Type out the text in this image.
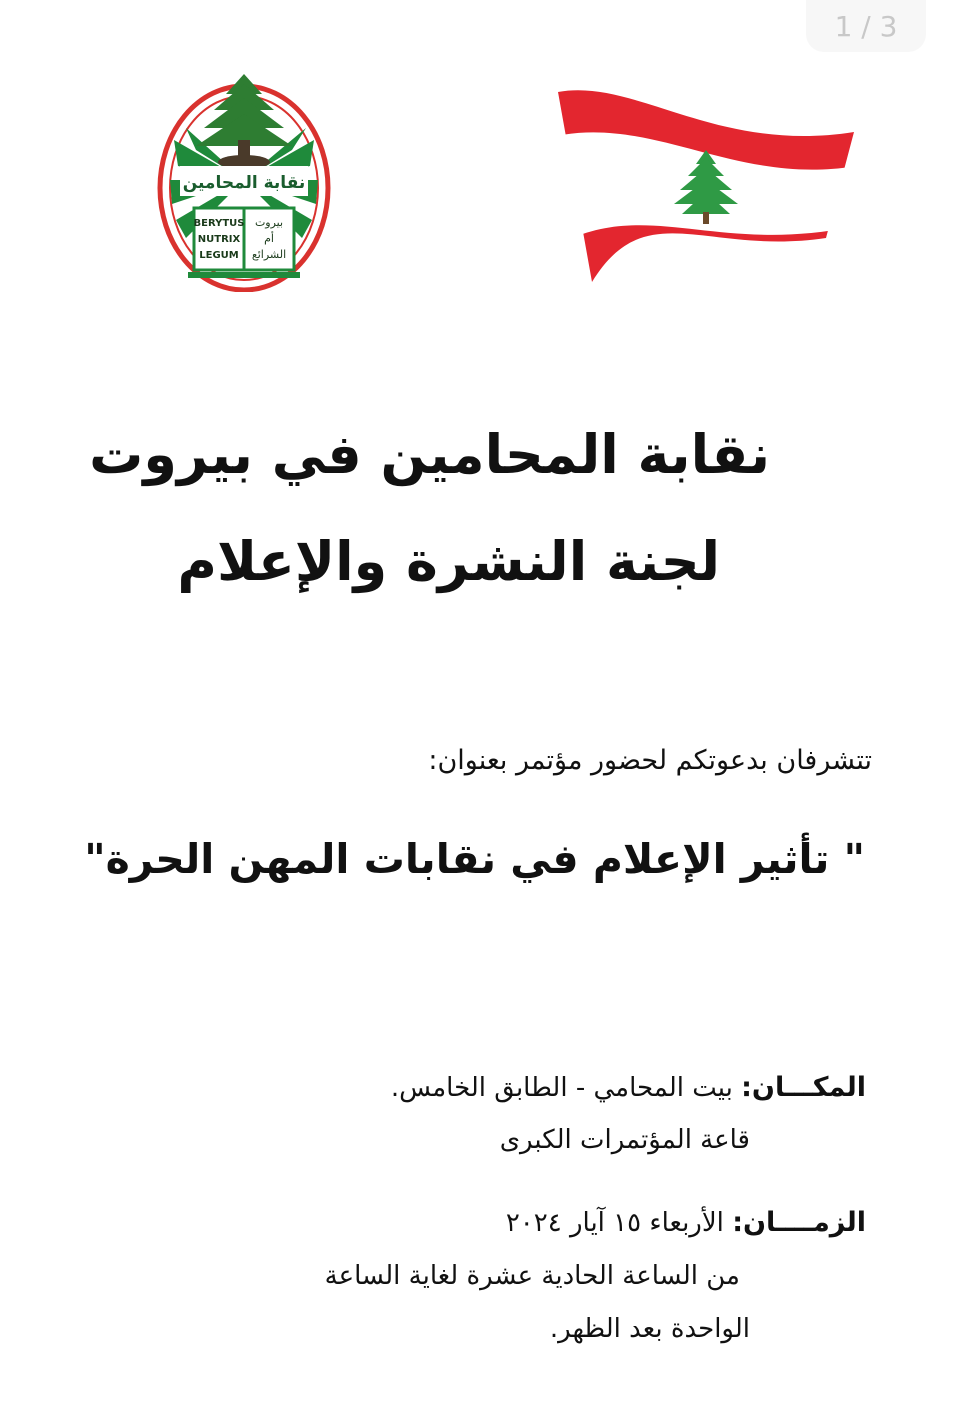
1 / 3
نقابة المحامين
BERYTUS
NUTRIX
LEGUM
بيروت
أم
الشرائع
نقابة المحامين في بيروت
لجنة النشرة والإعلام
تتشرفان بدعوتكم لحضور مؤتمر بعنوان:
" تأثير الإعلام في نقابات المهن الحرة"
المكـــان: بيت المحامي - الطابق الخامس.
قاعة المؤتمرات الكبرى
الزمــــان: الأربعاء ١٥ آيار ٢٠٢٤
من الساعة الحادية عشرة لغاية الساعة
الواحدة بعد الظهر.
